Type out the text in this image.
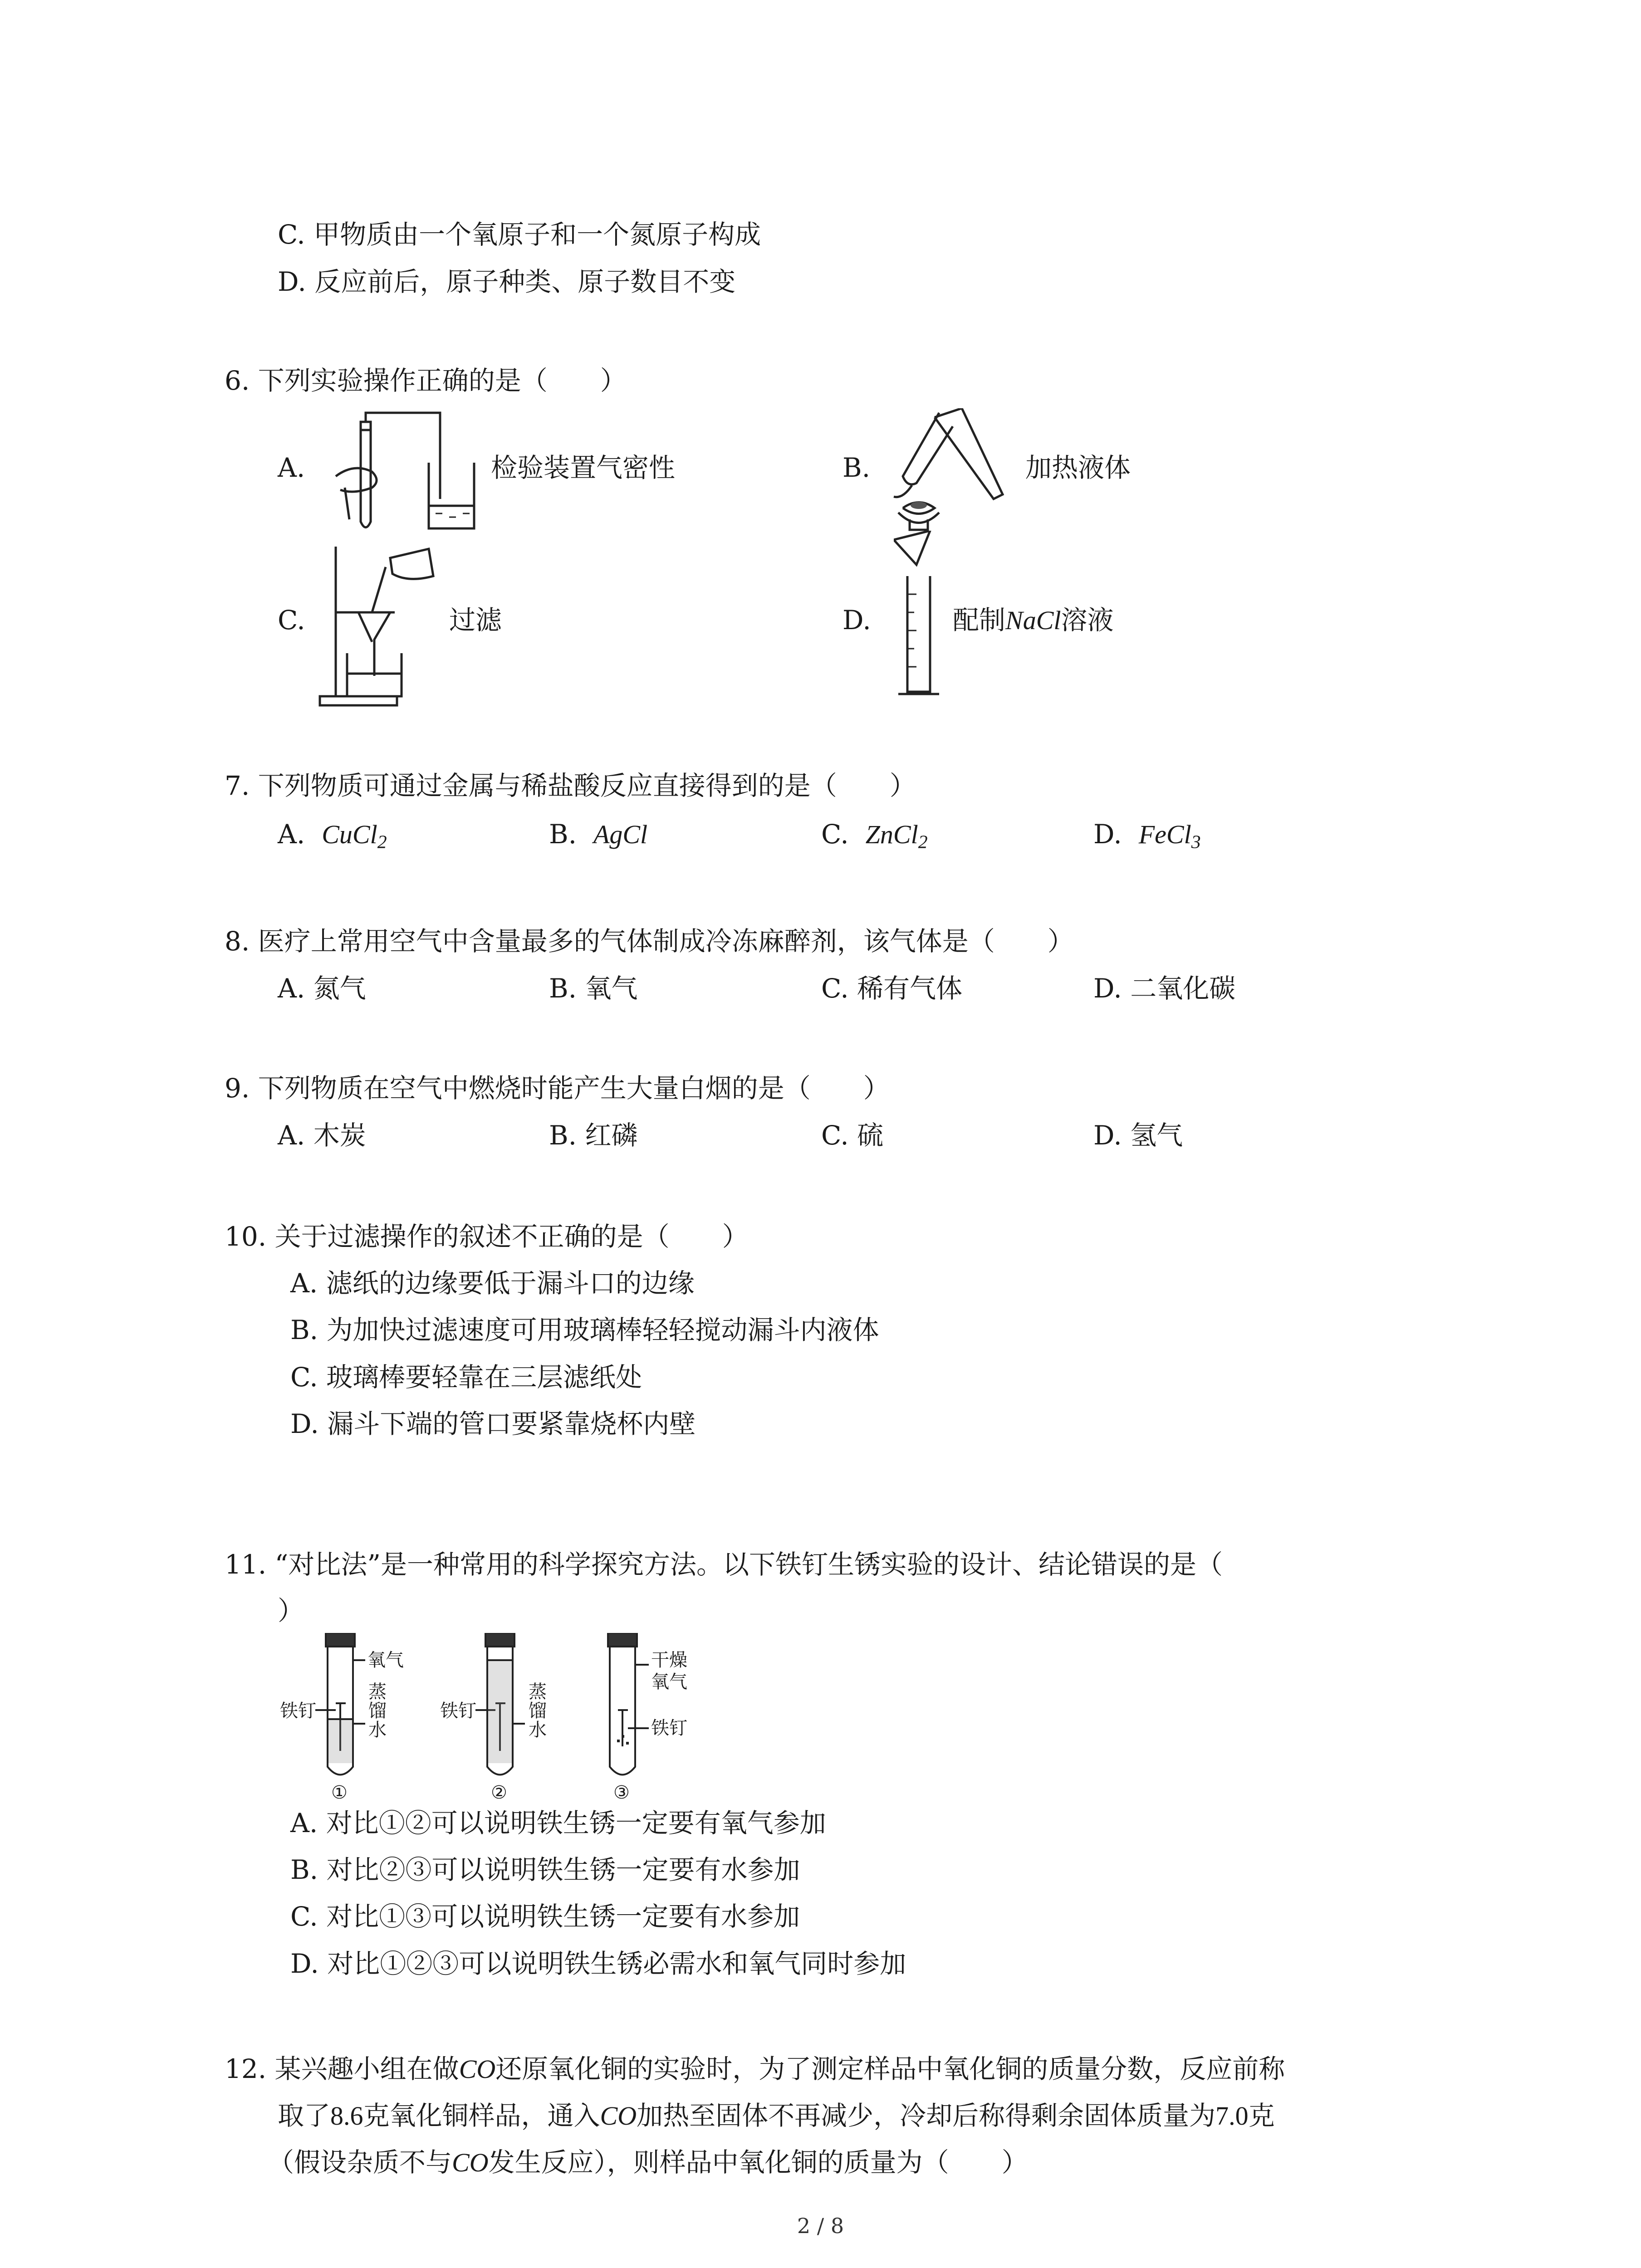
C. 甲物质由一个氧原子和一个氮原子构成
D. 反应前后，原子种类、原子数目不变
6. 下列实验操作正确的是（　　）
A.	检验装置气密性	B.	加热液体
C.	过滤	D.	配制NaCl溶液
7. 下列物质可通过金属与稀盐酸反应直接得到的是（　　）
A. CuCl$_2$	B. AgCl	C. ZnCl$_2$	D. FeCl$_3$
8. 医疗上常用空气中含量最多的气体制成冷冻麻醉剂，该气体是（　　）
A. 氮气	B. 氧气	C. 稀有气体	D. 二氧化碳
9. 下列物质在空气中燃烧时能产生大量白烟的是（　　）
A. 木炭	B. 红磷	C. 硫	D. 氢气
10. 关于过滤操作的叙述不正确的是（　　）
A. 滤纸的边缘要低于漏斗口的边缘
B. 为加快过滤速度可用玻璃棒轻轻搅动漏斗内液体
C. 玻璃棒要轻靠在三层滤纸处
D. 漏斗下端的管口要紧靠烧杯内壁
11. “对比法”是一种常用的科学探究方法。以下铁钉生锈实验的设计、结论错误的是（
）
氧气
铁钉
蒸
馏
水
①
铁钉
蒸
馏
水
②
干燥
氧气
铁钉
③
A. 对比①②可以说明铁生锈一定要有氧气参加
B. 对比②③可以说明铁生锈一定要有水参加
C. 对比①③可以说明铁生锈一定要有水参加
D. 对比①②③可以说明铁生锈必需水和氧气同时参加
12. 某兴趣小组在做CO还原氧化铜的实验时，为了测定样品中氧化铜的质量分数，反应前称
取了8.6克氧化铜样品，通入CO加热至固体不再减少，冷却后称得剩余固体质量为7.0克
（假设杂质不与CO发生反应），则样品中氧化铜的质量为（　　）
2 / 8
